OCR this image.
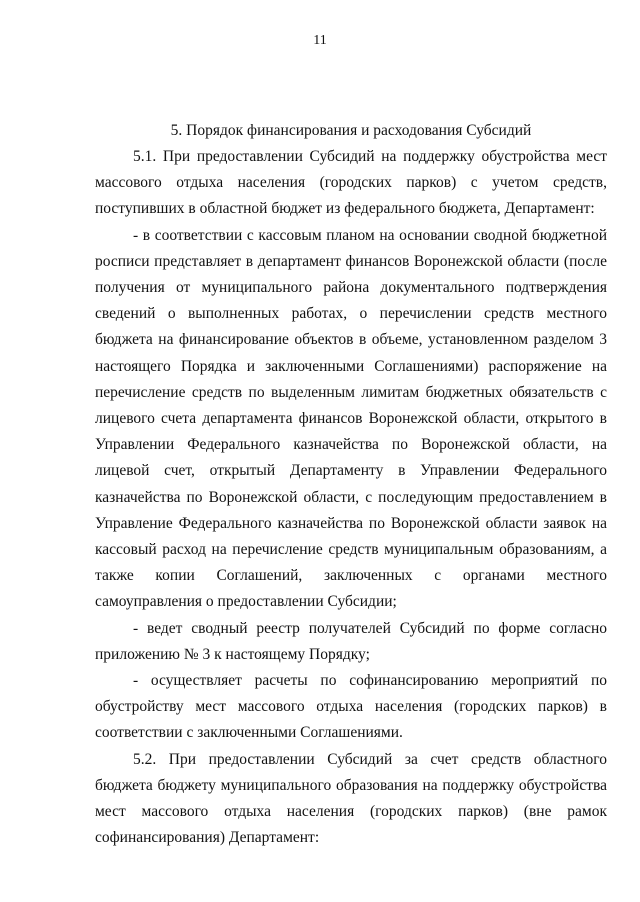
11
5. Порядок финансирования и расходования Субсидий

5.1. При предоставлении Субсидий на поддержку обустройства мест массового отдыха населения (городских парков) с учетом средств, поступивших в областной бюджет из федерального бюджета, Департамент:

- в соответствии с кассовым планом на основании сводной бюджетной росписи представляет в департамент финансов Воронежской области (после получения от муниципального района документального подтверждения сведений о выполненных работах, о перечислении средств местного бюджета на финансирование объектов в объеме, установленном разделом 3 настоящего Порядка и заключенными Соглашениями) распоряжение на перечисление средств по выделенным лимитам бюджетных обязательств с лицевого счета департамента финансов Воронежской области, открытого в Управлении Федерального казначейства по Воронежской области, на лицевой счет, открытый Департаменту в Управлении Федерального казначейства по Воронежской области, с последующим предоставлением в Управление Федерального казначейства по Воронежской области заявок на кассовый расход на перечисление средств муниципальным образованиям, а также копии Соглашений, заключенных с органами местного самоуправления о предоставлении Субсидии;

- ведет сводный реестр получателей Субсидий по форме согласно приложению № 3 к настоящему Порядку;

- осуществляет расчеты по софинансированию мероприятий по обустройству мест массового отдыха населения (городских парков) в соответствии с заключенными Соглашениями.

5.2. При предоставлении Субсидий за счет средств областного бюджета бюджету муниципального образования на поддержку обустройства мест массового отдыха населения (городских парков) (вне рамок софинансирования) Департамент:
